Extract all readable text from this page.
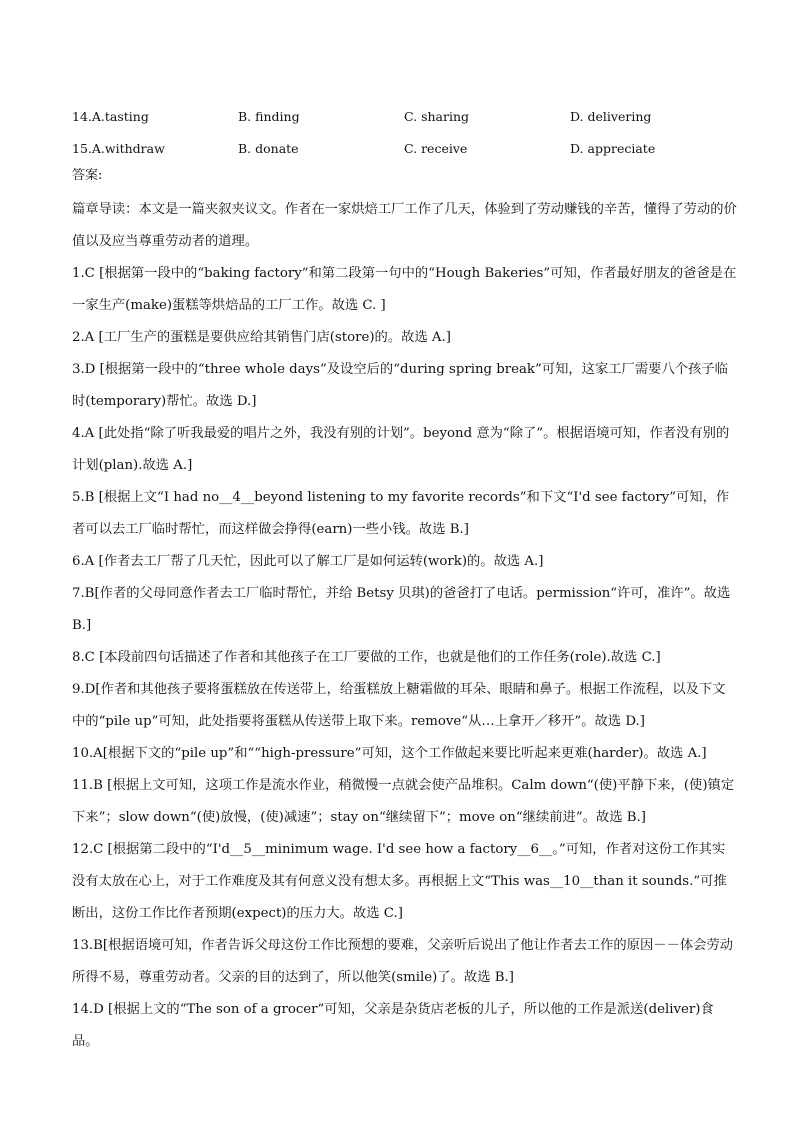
14.A.tasting	B. finding	C. sharing	D. delivering
15.A.withdraw	B. donate	C. receive	D. appreciate
答案:

篇章导读：本文是一篇夹叙夹议文。作者在一家烘焙工厂工作了几天，体验到了劳动赚钱的辛苦，懂得了劳动的价值以及应当尊重劳动者的道理。

1.C [根据第一段中的“baking factory”和第二段第一句中的“Hough Bakeries”可知，作者最好朋友的爸爸是在一家生产(make)蛋糕等烘焙品的工厂工作。故选 C. ]

2.A [工厂生产的蛋糕是要供应给其销售门店(store)的。故选 A.]

3.D [根据第一段中的“three whole days”及设空后的“during spring break”可知，这家工厂需要八个孩子临时(temporary)帮忙。故选 D.]

4.A [此处指“除了听我最爱的唱片之外，我没有别的计划”。beyond 意为“除了”。根据语境可知，作者没有别的计划(plan).故选 A.]

5.B [根据上文“I had no__4__beyond listening to my favorite records”和下文“I'd see factory”可知，作者可以去工厂临时帮忙，而这样做会挣得(earn)一些小钱。故选 B.]

6.A [作者去工厂帮了几天忙，因此可以了解工厂是如何运转(work)的。故选 A.]

7.B[作者的父母同意作者去工厂临时帮忙，并给 Betsy 贝琪)的爸爸打了电话。permission“许可，准许”。故选 B.]

8.C [本段前四句话描述了作者和其他孩子在工厂要做的工作，也就是他们的工作任务(role).故选 C.]

9.D[作者和其他孩子要将蛋糕放在传送带上，给蛋糕放上糖霜做的耳朵、眼睛和鼻子。根据工作流程，以及下文中的“pile up”可知，此处指要将蛋糕从传送带上取下来。remove“从…上拿开／移开”。故选 D.]

10.A[根据下文的“pile up”和““high-pressure”可知，这个工作做起来要比听起来更难(harder)。故选 A.]

11.B [根据上文可知，这项工作是流水作业，稍微慢一点就会使产品堆积。Calm down“(使)平静下来，(使)镇定下来”；slow down“(使)放慢，(使)减速”；stay on“继续留下”；move on“继续前进”。故选 B.]

12.C [根据第二段中的“I'd__5__minimum wage. I'd see how a factory__6__。”可知，作者对这份工作其实没有太放在心上，对于工作难度及其有何意义没有想太多。再根据上文“This was__10__than it sounds.”可推断出，这份工作比作者预期(expect)的压力大。故选 C.]

13.B[根据语境可知，作者告诉父母这份工作比预想的要难，父亲听后说出了他让作者去工作的原因－－体会劳动所得不易，尊重劳动者。父亲的目的达到了，所以他笑(smile)了。故选 B.]

14.D [根据上文的“The son of a grocer”可知，父亲是杂货店老板的儿子，所以他的工作是派送(deliver)食品。
